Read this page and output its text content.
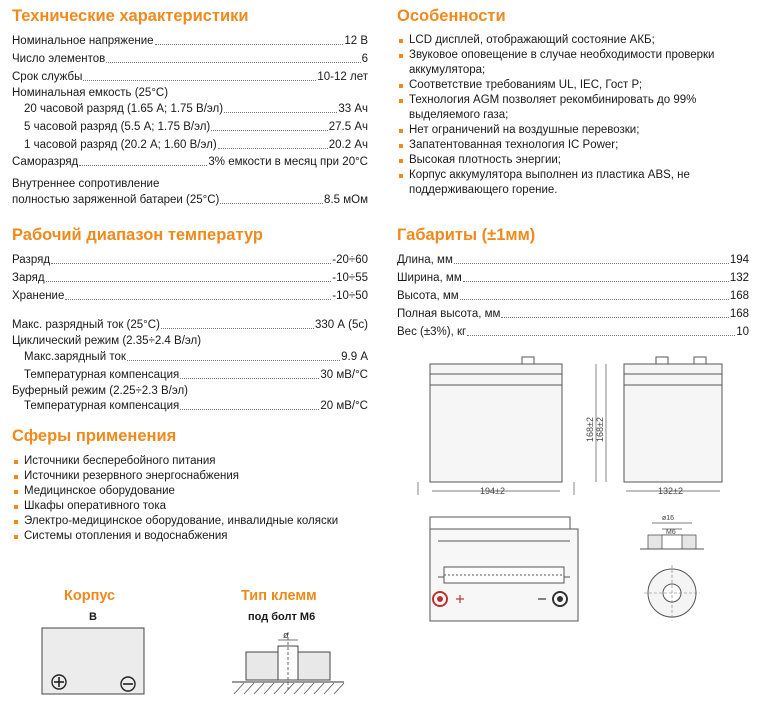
Технические характеристики
Номинальное напряжение	12 В
Число элементов	6
Срок службы	10-12 лет
Номинальная емкость (25°С)
20 часовой разряд (1.65 А; 1.75 В/эл)	33 Ач
5 часовой разряд (5.5 А; 1.75 В/эл)	27.5 Ач
1 часовой разряд (20.2 А; 1.60 В/эл)	20.2 Ач
Саморазряд	3% емкости в месяц при 20°С
Внутреннее сопротивление
полностью заряженной батареи (25°С)	8.5 мОм
Рабочий диапазон температур
Разряд	-20÷60
Заряд	-10÷55
Хранение	-10÷50
Макс. разрядный ток (25°С)	330 А (5с)
Циклический режим (2.35÷2.4 В/эл)
Макс.зарядный ток	9.9 А
Температурная компенсация	30 мВ/°С
Буферный режим (2.25÷2.3 В/эл)
Температурная компенсация	20 мВ/°С
Сферы применения
Источники бесперебойного питания
Источники резервного энергоснабжения
Медицинское оборудование
Шкафы оперативного тока
Электро-медицинское оборудование, инвалидные коляски
Системы отопления и водоснабжения
Корпус
B
Тип клемм
под болт М6
ø
Особенности
LCD дисплей, отображающий состояние АКБ;
Звуковое оповещение в случае необходимости проверки аккумулятора;
Соответствие требованиям UL, IEC, Гост Р;
Технология AGM позволяет рекомбинировать до 99% выделяемого газа;
Нет ограничений на воздушные перевозки;
Запатентованная технология IC Power;
Высокая плотность энергии;
Корпус аккумулятора выполнен из пластика ABS, не поддерживающего горение.
Габариты (±1мм)
Длина, мм	194
Ширина, мм	132
Высота, мм	168
Полная высота, мм	168
Вес (±3%), кг	10
194±2
168±2 168±2
132±2
ø16
M6
